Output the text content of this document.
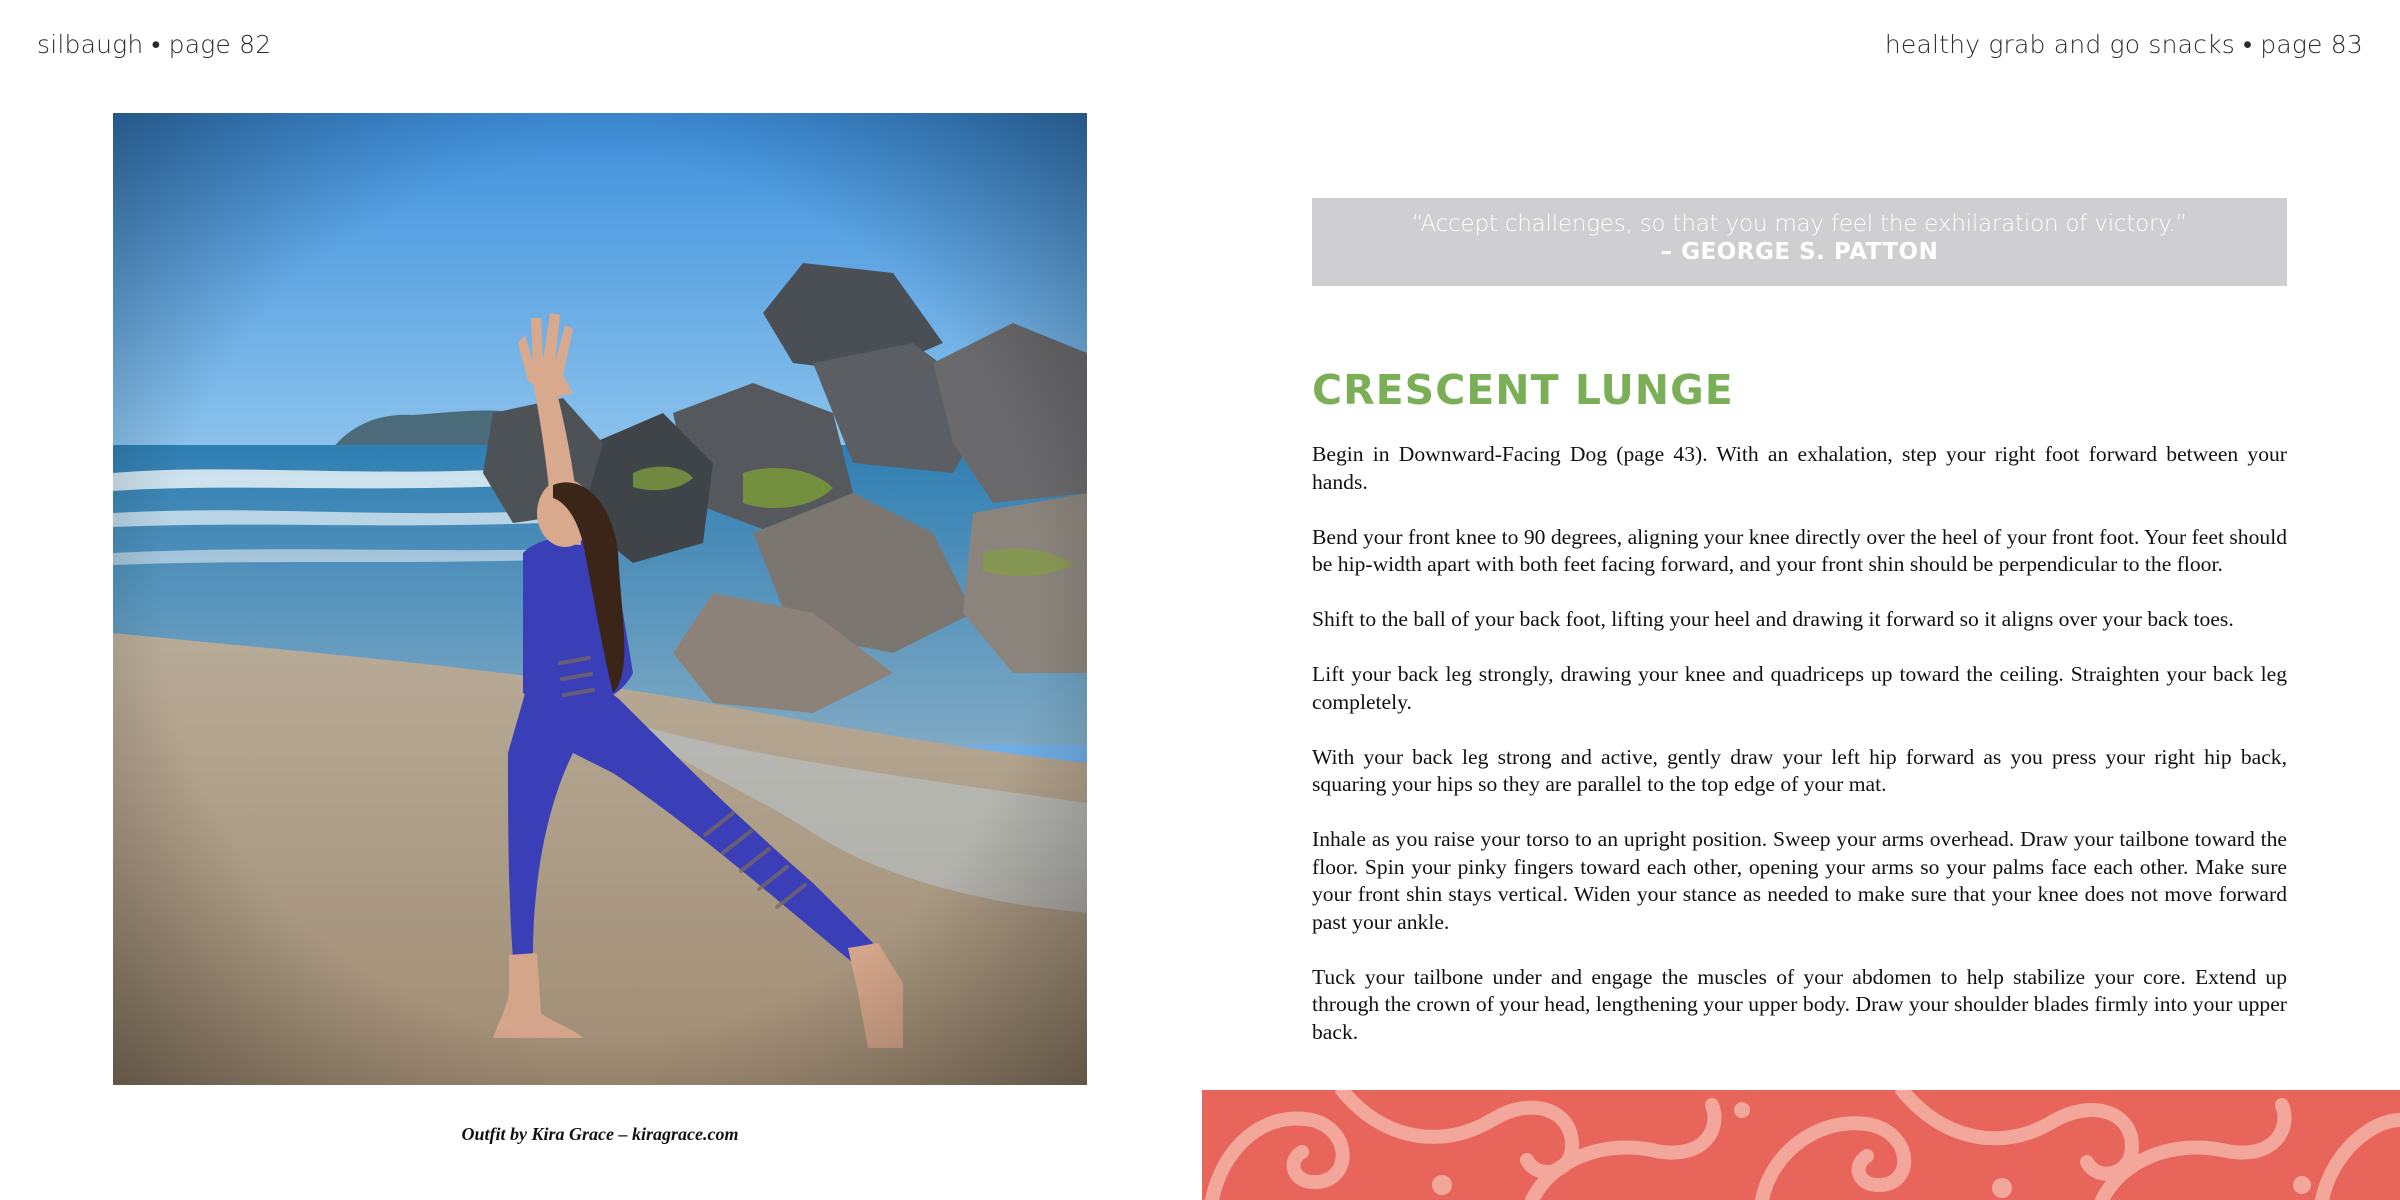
silbaugh • page 82	healthy grab and go snacks • page 83
Outfit by Kira Grace – kiragrace.com
“Accept challenges, so that you may feel the exhilaration of victory.”
– GEORGE S. PATTON
CRESCENT LUNGE

Begin in Downward-Facing Dog (page 43). With an exhalation, step your right foot forward between your hands.

Bend your front knee to 90 degrees, aligning your knee directly over the heel of your front foot. Your feet should be hip-width apart with both feet facing forward, and your front shin should be perpendicular to the floor.

Shift to the ball of your back foot, lifting your heel and drawing it forward so it aligns over your back toes.

Lift your back leg strongly, drawing your knee and quadriceps up toward the ceiling. Straighten your back leg completely.

With your back leg strong and active, gently draw your left hip forward as you press your right hip back, squaring your hips so they are parallel to the top edge of your mat.

Inhale as you raise your torso to an upright position. Sweep your arms overhead. Draw your tailbone toward the floor. Spin your pinky fingers toward each other, opening your arms so your palms face each other. Make sure your front shin stays vertical. Widen your stance as needed to make sure that your knee does not move forward past your ankle.

Tuck your tailbone under and engage the muscles of your abdomen to help stabilize your core. Extend up through the crown of your head, lengthening your upper body. Draw your shoulder blades firmly into your upper back.
